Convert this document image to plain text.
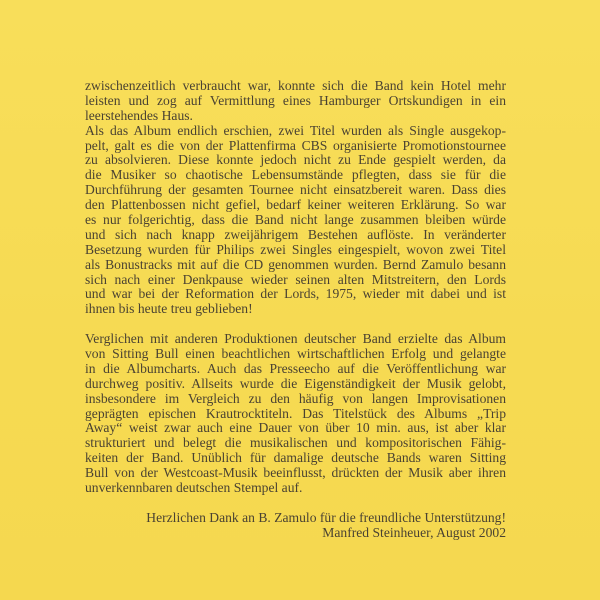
zwischenzeitlich verbraucht war, konnte sich die Band kein Hotel mehr
leisten und zog auf Vermittlung eines Hamburger Ortskundigen in ein
leerstehendes Haus.
Als das Album endlich erschien, zwei Titel wurden als Single ausgekop-
pelt, galt es die von der Plattenfirma CBS organisierte Promotionstournee
zu absolvieren. Diese konnte jedoch nicht zu Ende gespielt werden, da
die Musiker so chaotische Lebensumstände pflegten, dass sie für die
Durchführung der gesamten Tournee nicht einsatzbereit waren. Dass dies
den Plattenbossen nicht gefiel, bedarf keiner weiteren Erklärung. So war
es nur folgerichtig, dass die Band nicht lange zusammen bleiben würde
und sich nach knapp zweijährigem Bestehen auflöste. In veränderter
Besetzung wurden für Philips zwei Singles eingespielt, wovon zwei Titel
als Bonustracks mit auf die CD genommen wurden. Bernd Zamulo besann
sich nach einer Denkpause wieder seinen alten Mitstreitern, den Lords
und war bei der Reformation der Lords, 1975, wieder mit dabei und ist
ihnen bis heute treu geblieben!
Verglichen mit anderen Produktionen deutscher Band erzielte das Album
von Sitting Bull einen beachtlichen wirtschaftlichen Erfolg und gelangte
in die Albumcharts. Auch das Presseecho auf die Veröffentlichung war
durchweg positiv. Allseits wurde die Eigenständigkeit der Musik gelobt,
insbesondere im Vergleich zu den häufig von langen Improvisationen
geprägten epischen Krautrocktiteln. Das Titelstück des Albums „Trip
Away“ weist zwar auch eine Dauer von über 10 min. aus, ist aber klar
strukturiert und belegt die musikalischen und kompositorischen Fähig-
keiten der Band. Unüblich für damalige deutsche Bands waren Sitting
Bull von der Westcoast-Musik beeinflusst, drückten der Musik aber ihren
unverkennbaren deutschen Stempel auf.
Herzlichen Dank an B. Zamulo für die freundliche Unterstützung!
Manfred Steinheuer, August 2002
